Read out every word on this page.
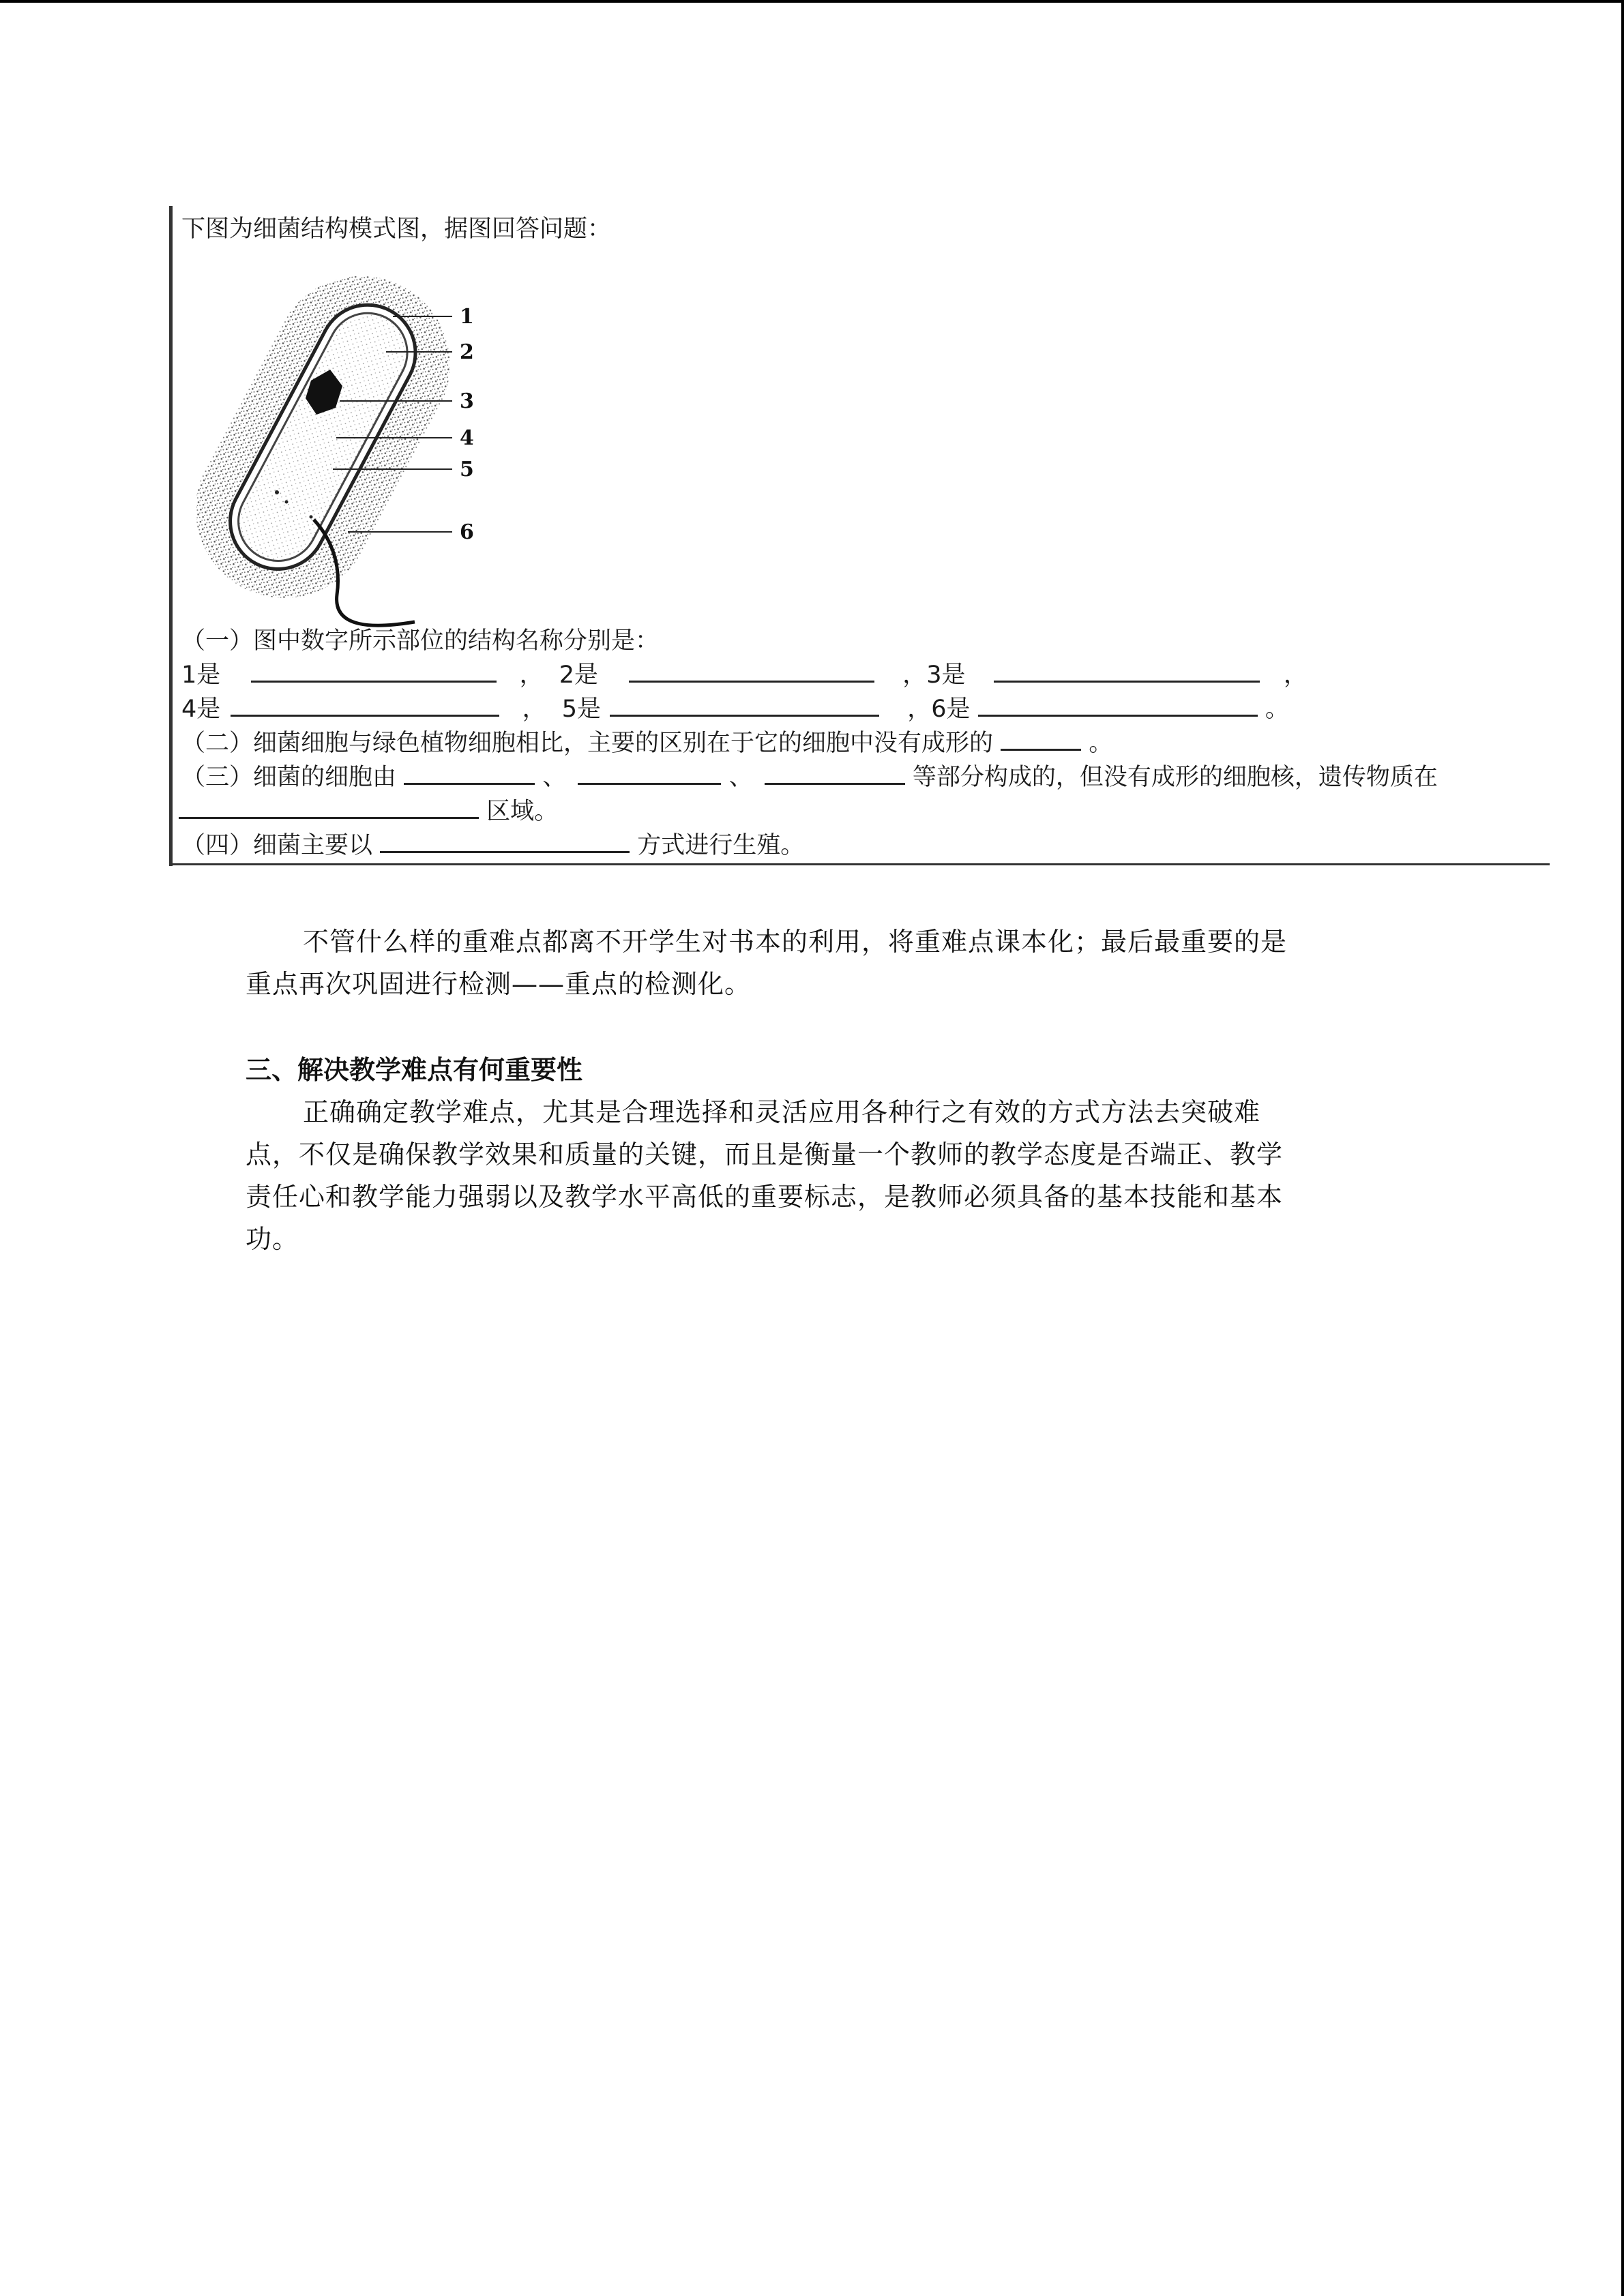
下图为细菌结构模式图，据图回答问题：
1
2
3
4
5
6
（一）图中数字所示部位的结构名称分别是：
1是	， 2是	，3是	，
4是	， 5是	，6是	。
（二）细菌细胞与绿色植物细胞相比，主要的区别在于它的细胞中没有成形的	。
（三）细菌的细胞由	、	、	等部分构成的，但没有成形的细胞核，遗传物质在
区域。
（四）细菌主要以	方式进行生殖。
不管什么样的重难点都离不开学生对书本的利用，将重难点课本化；最后最重要的是
重点再次巩固进行检测——重点的检测化。
三、解决教学难点有何重要性
正确确定教学难点，尤其是合理选择和灵活应用各种行之有效的方式方法去突破难
点，不仅是确保教学效果和质量的关键，而且是衡量一个教师的教学态度是否端正、教学
责任心和教学能力强弱以及教学水平高低的重要标志，是教师必须具备的基本技能和基本
功。
